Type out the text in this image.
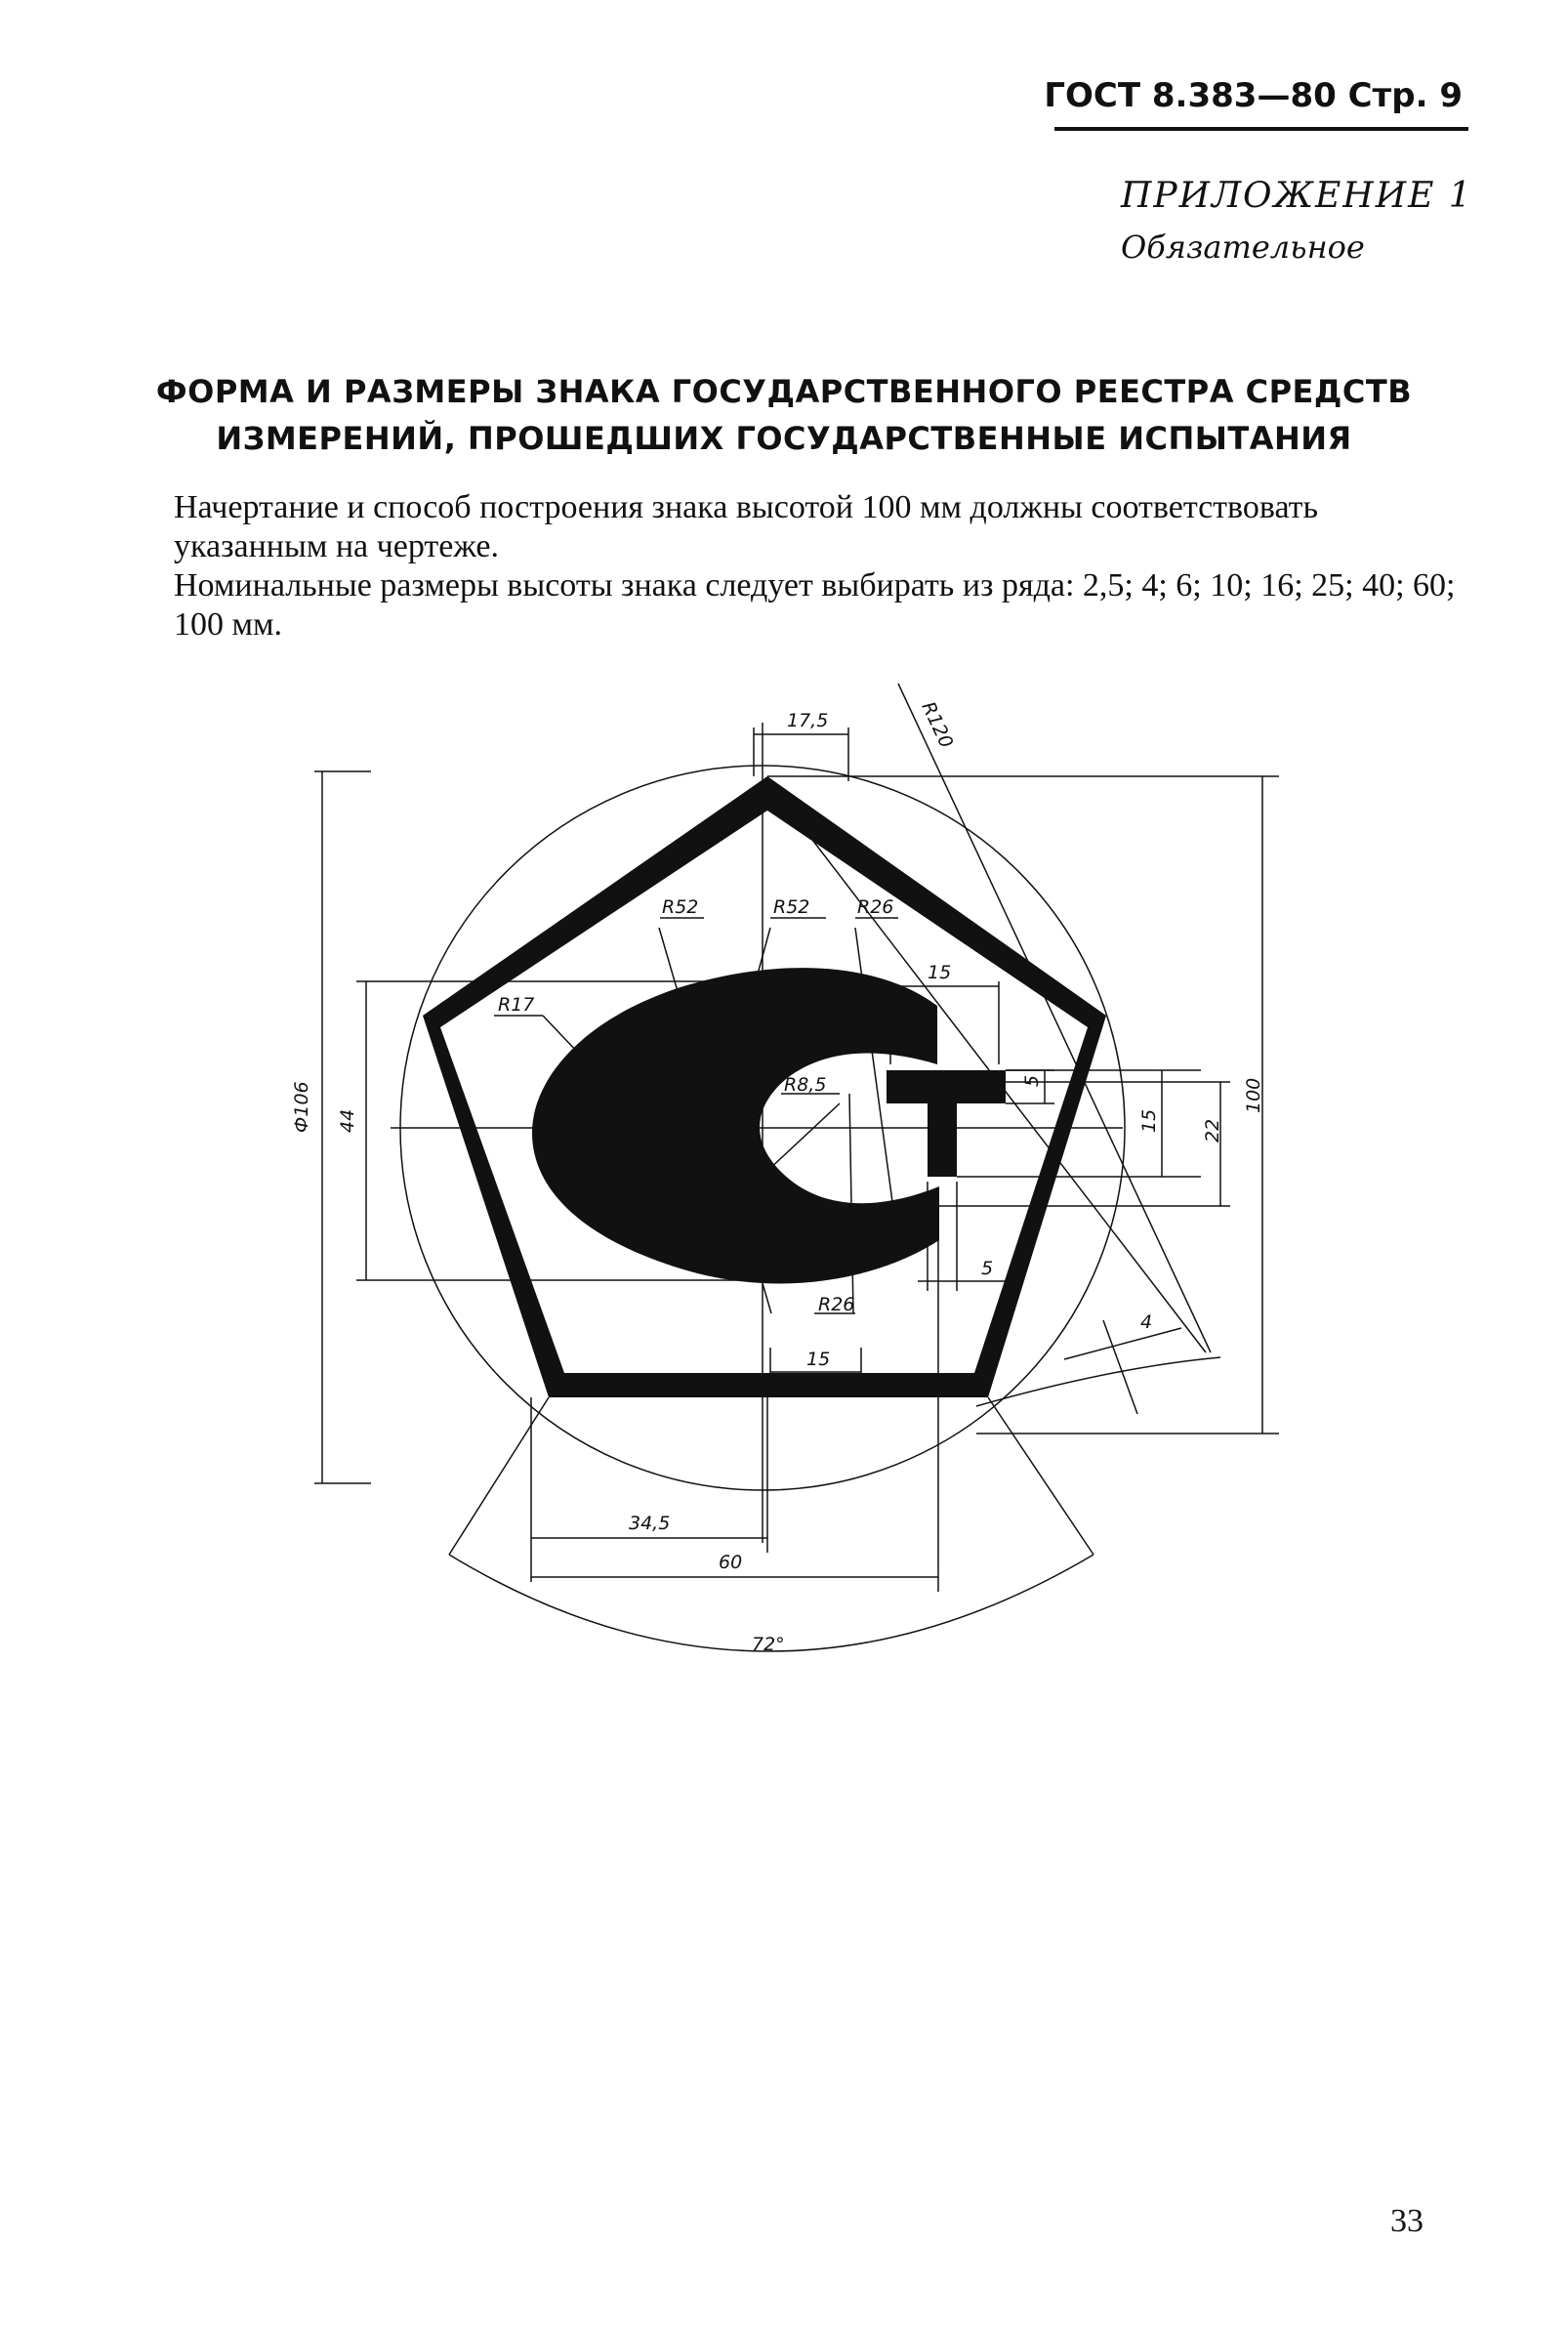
ГОСТ 8.383—80 Стр. 9
ПРИЛОЖЕНИЕ 1
Обязательное
ФОРМА И РАЗМЕРЫ ЗНАКА ГОСУДАРСТВЕННОГО РЕЕСТРА СРЕДСТВ
ИЗМЕРЕНИЙ, ПРОШЕДШИХ ГОСУДАРСТВЕННЫЕ ИСПЫТАНИЯ
Начертание и способ построения знака высотой 100 мм должны соответствовать указанным на чертеже.
Номинальные размеры высоты знака следует выбирать из ряда: 2,5; 4; 6; 10; 16; 25; 40; 60; 100 мм.
17,5	R120
R52	R52	R26
15
R17
5
Ф106 44
R8,5
15 22
100
5
R26
4
15
34,5
60
72°
33
